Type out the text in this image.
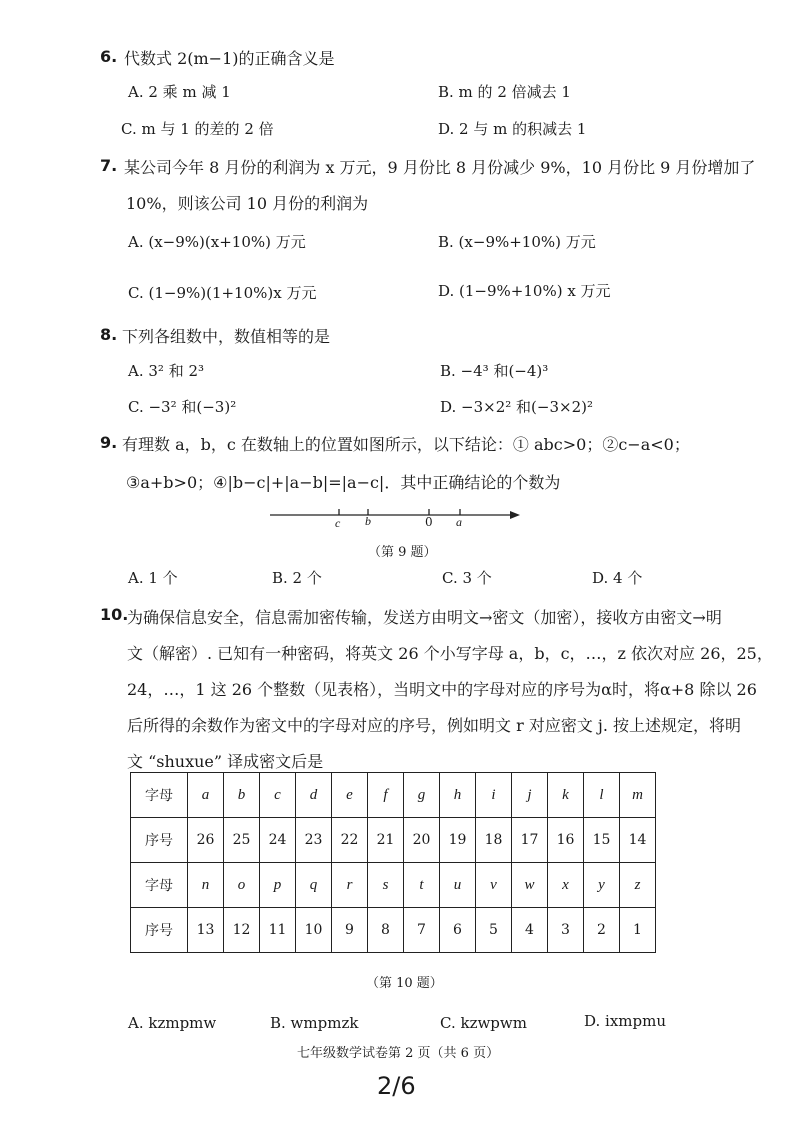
6. 代数式 2(m−1)的正确含义是
A. 2 乘 m 减 1	B. m 的 2 倍减去 1
C. m 与 1 的差的 2 倍	D. 2 与 m 的积减去 1
7. 某公司今年 8 月份的利润为 x 万元，9 月份比 8 月份减少 9%，10 月份比 9 月份增加了
10%，则该公司 10 月份的利润为
A. (x−9%)(x+10%) 万元	B. (x−9%+10%) 万元
C. (1−9%)(1+10%)x 万元	D. (1−9%+10%) x 万元
8. 下列各组数中，数值相等的是
A. 3² 和 2³	B. −4³ 和(−4)³
C. −3² 和(−3)²	D. −3×2² 和(−3×2)²
9. 有理数 a，b，c 在数轴上的位置如图所示，以下结论：① abc>0；②c−a<0；
③a+b>0；④|b−c|+|a−b|=|a−c|．其中正确结论的个数为
c b	0 a
（第 9 题）
A. 1 个	B. 2 个	C. 3 个	D. 4 个
10.
为确保信息安全，信息需加密传输，发送方由明文→密文（加密），接收方由密文→明
文（解密）. 已知有一种密码，将英文 26 个小写字母 a，b，c，…，z 依次对应 26，25，
24，…，1 这 26 个整数（见表格），当明文中的字母对应的序号为α时，将α+8 除以 26
后所得的余数作为密文中的字母对应的序号，例如明文 r 对应密文 j. 按上述规定，将明
文 “shuxue” 译成密文后是
字母	a	b	c	d	e	f	g	h	i	j	k	l	m
序号	26	25	24	23	22	21	20	19	18	17	16	15	14
字母	n	o	p	q	r	s	t	u	v	w	x	y	z
序号	13	12	11	10	9	8	7	6	5	4	3	2	1
（第 10 题）
A. kzmpmw	B. wmpmzk	C. kzwpwm	D. ixmpmu
七年级数学试卷第 2 页（共 6 页）
2/6
